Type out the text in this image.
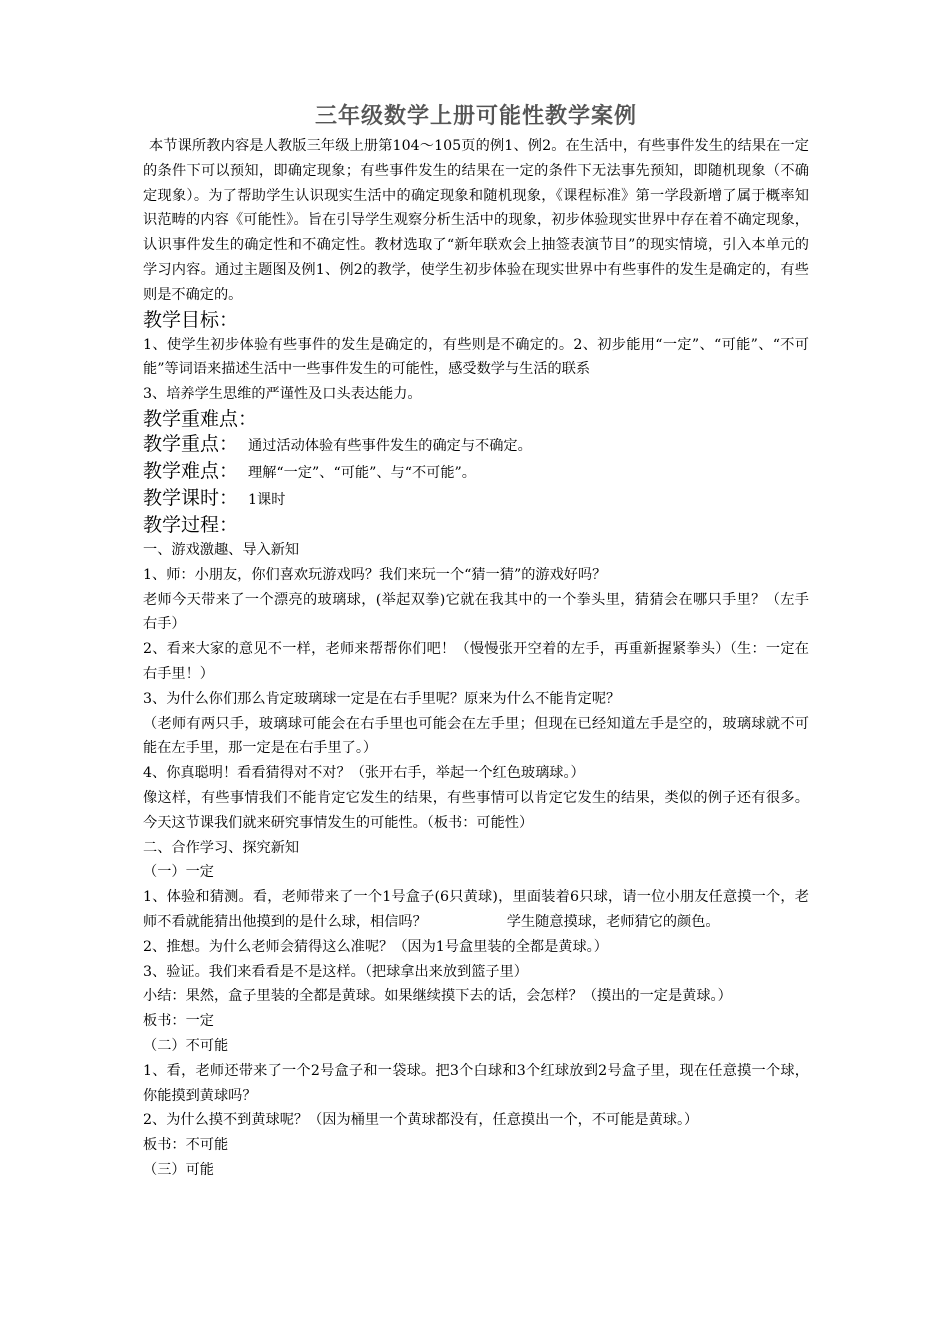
三年级数学上册可能性教学案例

本节课所教内容是人教版三年级上册第104～105页的例1、例2。在生活中，有些事件发生的结果在一定的条件下可以预知，即确定现象；有些事件发生的结果在一定的条件下无法事先预知，即随机现象（不确定现象）。为了帮助学生认识现实生活中的确定现象和随机现象，《课程标准》第一学段新增了属于概率知识范畴的内容《可能性》。旨在引导学生观察分析生活中的现象，初步体验现实世界中存在着不确定现象，认识事件发生的确定性和不确定性。教材选取了“新年联欢会上抽签表演节目”的现实情境，引入本单元的学习内容。通过主题图及例1、例2的教学，使学生初步体验在现实世界中有些事件的发生是确定的，有些则是不确定的。

教学目标：

1、使学生初步体验有些事件的发生是确定的，有些则是不确定的。2、初步能用“一定”、“可能”、“不可能”等词语来描述生活中一些事件发生的可能性，感受数学与生活的联系

3、培养学生思维的严谨性及口头表达能力。

教学重难点：

教学重点： 通过活动体验有些事件发生的确定与不确定。

教学难点： 理解“一定”、“可能”、与“不可能”。

教学课时： 1课时

教学过程：

一、游戏激趣、导入新知

1、师：小朋友，你们喜欢玩游戏吗？我们来玩一个“猜一猜”的游戏好吗？

老师今天带来了一个漂亮的玻璃球，(举起双拳)它就在我其中的一个拳头里，猜猜会在哪只手里？（左手 右手）

2、看来大家的意见不一样，老师来帮帮你们吧！（慢慢张开空着的左手，再重新握紧拳头）（生：一定在右手里！）

3、为什么你们那么肯定玻璃球一定是在右手里呢？原来为什么不能肯定呢？

（老师有两只手，玻璃球可能会在右手里也可能会在左手里；但现在已经知道左手是空的，玻璃球就不可能在左手里，那一定是在右手里了。）

4、你真聪明！看看猜得对不对？（张开右手，举起一个红色玻璃球。）

像这样，有些事情我们不能肯定它发生的结果，有些事情可以肯定它发生的结果，类似的例子还有很多。今天这节课我们就来研究事情发生的可能性。（板书：可能性）

二、合作学习、探究新知

（一）一定

1、体验和猜测。看，老师带来了一个1号盒子(6只黄球)，里面装着6只球，请一位小朋友任意摸一个，老师不看就能猜出他摸到的是什么球，相信吗？	学生随意摸球，老师猜它的颜色。

2、推想。为什么老师会猜得这么准呢？（因为1号盒里装的全都是黄球。）

3、验证。我们来看看是不是这样。（把球拿出来放到篮子里）

小结：果然，盒子里装的全都是黄球。如果继续摸下去的话，会怎样？（摸出的一定是黄球。）

板书：一定

（二）不可能

1、看，老师还带来了一个2号盒子和一袋球。把3个白球和3个红球放到2号盒子里，现在任意摸一个球，你能摸到黄球吗？

2、为什么摸不到黄球呢？（因为桶里一个黄球都没有，任意摸出一个，不可能是黄球。）

板书：不可能

（三）可能
